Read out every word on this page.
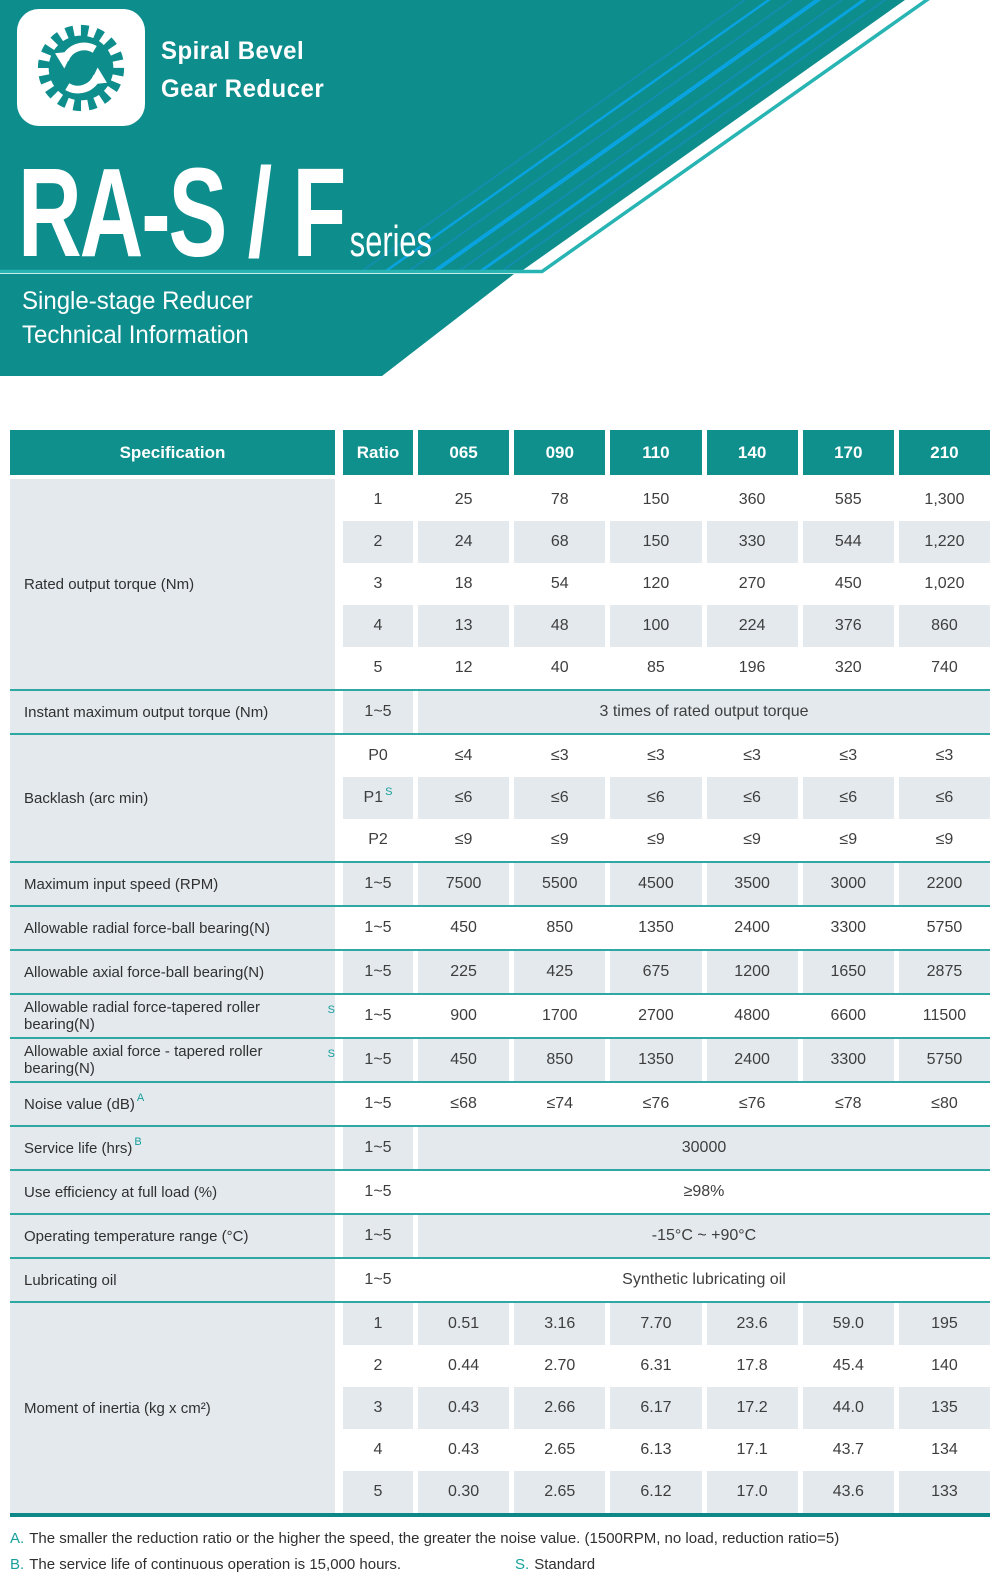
Spiral Bevel
Gear Reducer
RA-S / F series
Single-stage Reducer
Technical Information
Specification	Ratio	065	090	110	140	170	210
Rated output torque (Nm)
1	25	78	150	360	585	1,300
2	24	68	150	330	544	1,220
3	18	54	120	270	450	1,020
4	13	48	100	224	376	860
5	12	40	85	196	320	740
Instant maximum output torque (Nm)	1~5	3 times of rated output torque
Backlash (arc min)
P0	≤4	≤3	≤3	≤3	≤3	≤3
P1 S	≤6	≤6	≤6	≤6	≤6	≤6
P2	≤9	≤9	≤9	≤9	≤9	≤9
Maximum input speed (RPM)	1~5	7500	5500	4500	3500	3000	2200
Allowable radial force-ball bearing(N)	1~5	450	850	1350	2400	3300	5750
Allowable axial force-ball bearing(N)	1~5	225	425	675	1200	1650	2875
Allowable radial force-tapered roller bearing(N)
S 1~5	900	1700	2700	4800	6600	11500
Allowable axial force - tapered roller bearing(N)
S 1~5	450	850	1350	2400	3300	5750
Noise value (dB) A	1~5	≤68	≤74	≤76	≤76	≤78	≤80
Service life (hrs) B	1~5	30000
Use efficiency at full load (%)	1~5	≥98%
Operating temperature range (°C)	1~5	-15°C ~ +90°C
Lubricating oil	1~5	Synthetic lubricating oil
Moment of inertia (kg x cm²)
1	0.51	3.16	7.70	23.6	59.0	195
2	0.44	2.70	6.31	17.8	45.4	140
3	0.43	2.66	6.17	17.2	44.0	135
4	0.43	2.65	6.13	17.1	43.7	134
5	0.30	2.65	6.12	17.0	43.6	133
A. The smaller the reduction ratio or the higher the speed, the greater the noise value. (1500RPM, no load, reduction ratio=5)
B. The service life of continuous operation is 15,000 hours.	S. Standard
